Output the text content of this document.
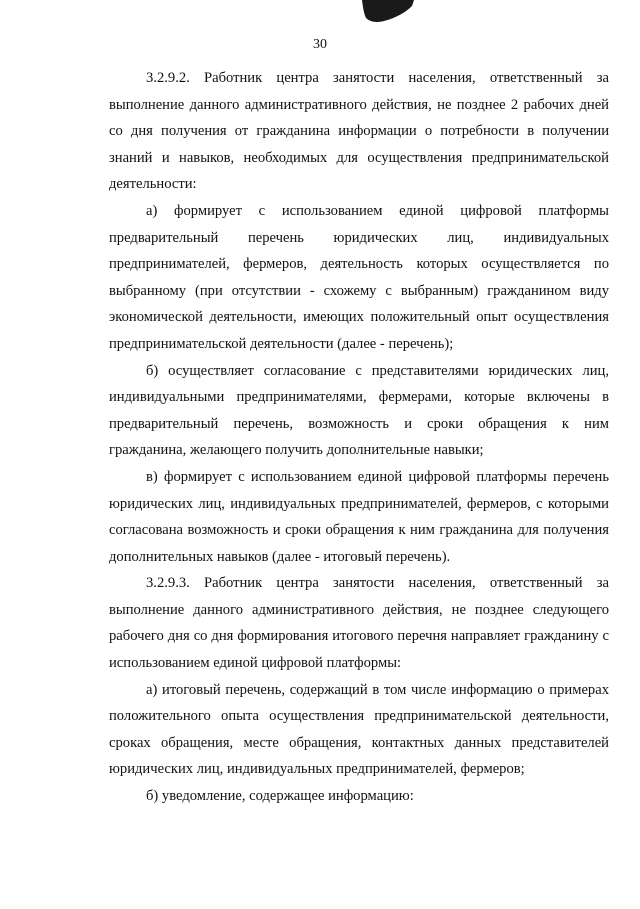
30

3.2.9.2. Работник центра занятости населения, ответственный за выполнение данного административного действия, не позднее 2 рабочих дней со дня получения от гражданина информации о потребности в получении знаний и навыков, необходимых для осуществления предпринимательской деятельности:

а) формирует с использованием единой цифровой платформы предварительный перечень юридических лиц, индивидуальных предпринимателей, фермеров, деятельность которых осуществляется по выбранному (при отсутствии - схожему с выбранным) гражданином виду экономической деятельности, имеющих положительный опыт осуществления предпринимательской деятельности (далее - перечень);

б) осуществляет согласование с представителями юридических лиц, индивидуальными предпринимателями, фермерами, которые включены в предварительный перечень, возможность и сроки обращения к ним гражданина, желающего получить дополнительные навыки;

в) формирует с использованием единой цифровой платформы перечень юридических лиц, индивидуальных предпринимателей, фермеров, с которыми согласована возможность и сроки обращения к ним гражданина для получения дополнительных навыков (далее - итоговый перечень).

3.2.9.3. Работник центра занятости населения, ответственный за выполнение данного административного действия, не позднее следующего рабочего дня со дня формирования итогового перечня направляет гражданину с использованием единой цифровой платформы:

а) итоговый перечень, содержащий в том числе информацию о примерах положительного опыта осуществления предпринимательской деятельности, сроках обращения, месте обращения, контактных данных представителей юридических лиц, индивидуальных предпринимателей, фермеров;

б) уведомление, содержащее информацию:
